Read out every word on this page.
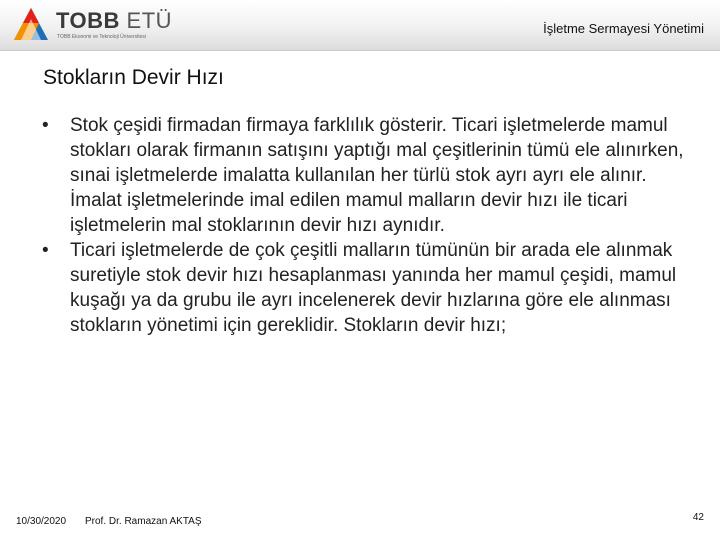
TOBB ETÜ
TOBB Ekonomi ve Teknoloji Üniversitesi
İşletme Sermayesi Yönetimi
Stokların Devir Hızı
• Stok çeşidi firmadan firmaya farklılık gösterir. Ticari işletmelerde mamul stokları olarak firmanın satışını yaptığı mal çeşitlerinin tümü ele alınırken, sınai işletmelerde imalatta kullanılan her türlü stok ayrı ayrı ele alınır. İmalat işletmelerinde imal edilen mamul malların devir hızı ile ticari işletmelerin mal stoklarının devir hızı aynıdır.
• Ticari işletmelerde de çok çeşitli malların tümünün bir arada ele alınmak suretiyle stok devir hızı hesaplanması yanında her mamul çeşidi, mamul kuşağı ya da grubu ile ayrı incelenerek devir hızlarına göre ele alınması stokların yönetimi için gereklidir. Stokların devir hızı;
10/30/2020 Prof. Dr. Ramazan AKTAŞ	42
